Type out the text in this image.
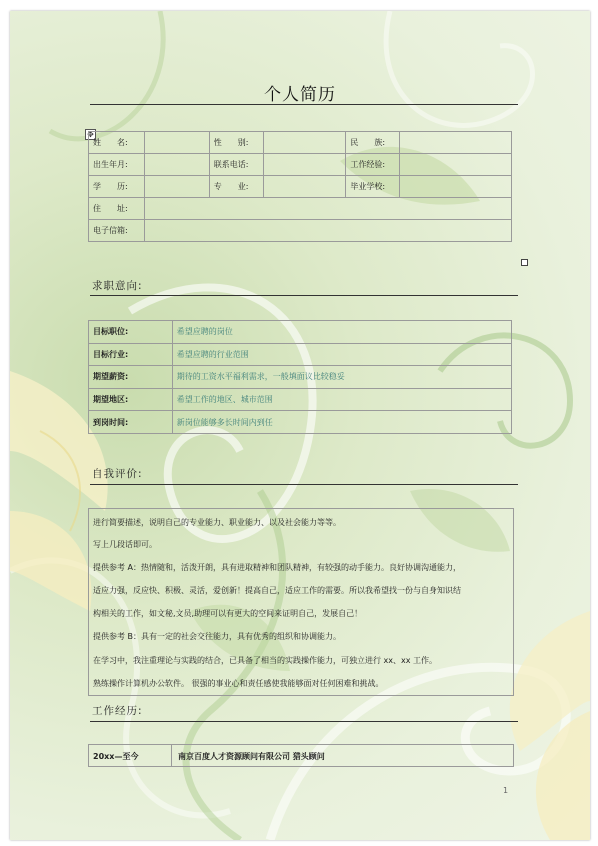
个人简历
✥
姓　　名:		性　　别:		民　　族:	
出生年月:		联系电话:		工作经验:	
学　　历:		专　　业:		毕业学校:	
住　　址:					
电子信箱:					
求职意向:
目标职位:	希望应聘的岗位
目标行业:	希望应聘的行业范围
期望薪资:	期待的工资水平福利需求，一般填面议比较稳妥
期望地区:	希望工作的地区、城市范围
到岗时间:	新岗位能够多长时间内到任
自我评价:

进行简要描述，说明自己的专业能力、职业能力、以及社会能力等等。

写上几段话即可。

提供参考 A：热情随和，活泼开朗，具有进取精神和团队精神，有较强的动手能力。良好协调沟通能力，

适应力强，反应快、积极、灵活，爱创新！提高自己，适应工作的需要。所以我希望找一份与自身知识结

构相关的工作，如文秘,文员,助理可以有更大的空间来证明自己，发展自己！

提供参考 B：具有一定的社会交往能力，具有优秀的组织和协调能力。

在学习中，我注重理论与实践的结合，已具备了相当的实践操作能力，可独立进行 xx、xx 工作。

熟练操作计算机办公软件。 很强的事业心和责任感使我能够面对任何困难和挑战。

工作经历:
20xx—至今	南京百度人才资源顾问有限公司 猎头顾问
1
